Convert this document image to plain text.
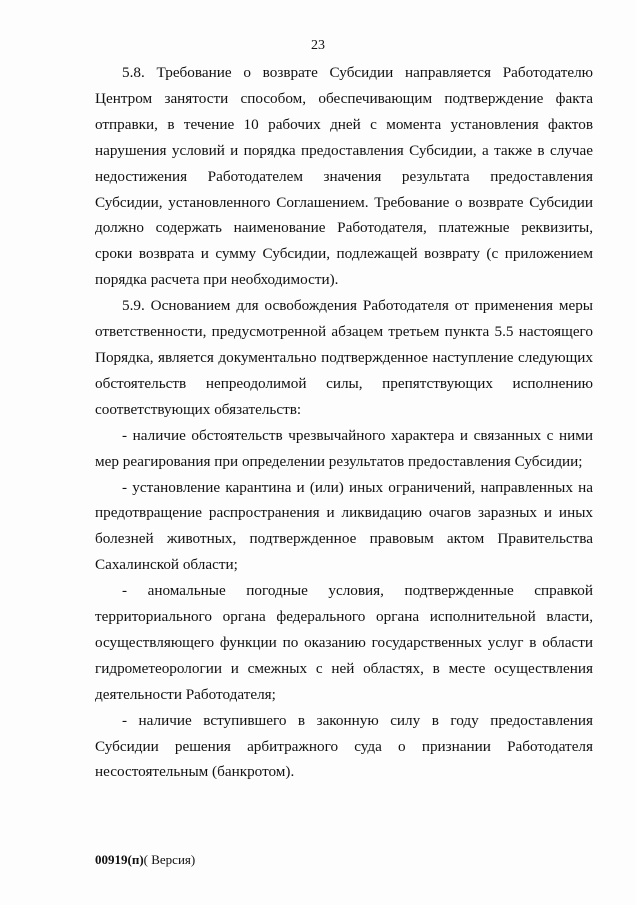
23

5.8. Требование о возврате Субсидии направляется Работодателю Центром занятости способом, обеспечивающим подтверждение факта отправки, в течение 10 рабочих дней с момента установления фактов нарушения условий и порядка предоставления Субсидии, а также в случае недостижения Работодателем значения результата предоставления Субсидии, установленного Соглашением. Требование о возврате Субсидии должно содержать наименование Работодателя, платежные реквизиты, сроки возврата и сумму Субсидии, подлежащей возврату (с приложением порядка расчета при необходимости).

5.9. Основанием для освобождения Работодателя от применения меры ответственности, предусмотренной абзацем третьем пункта 5.5 настоящего Порядка, является документально подтвержденное наступление следующих обстоятельств непреодолимой силы, препятствующих исполнению соответствующих обязательств:

- наличие обстоятельств чрезвычайного характера и связанных с ними мер реагирования при определении результатов предоставления Субсидии;

- установление карантина и (или) иных ограничений, направленных на предотвращение распространения и ликвидацию очагов заразных и иных болезней животных, подтвержденное правовым актом Правительства Сахалинской области;

- аномальные погодные условия, подтвержденные справкой территориального органа федерального органа исполнительной власти, осуществляющего функции по оказанию государственных услуг в области гидрометеорологии и смежных с ней областях, в месте осуществления деятельности Работодателя;

- наличие вступившего в законную силу в году предоставления Субсидии решения арбитражного суда о признании Работодателя несостоятельным (банкротом).

00919(п)( Версия)
